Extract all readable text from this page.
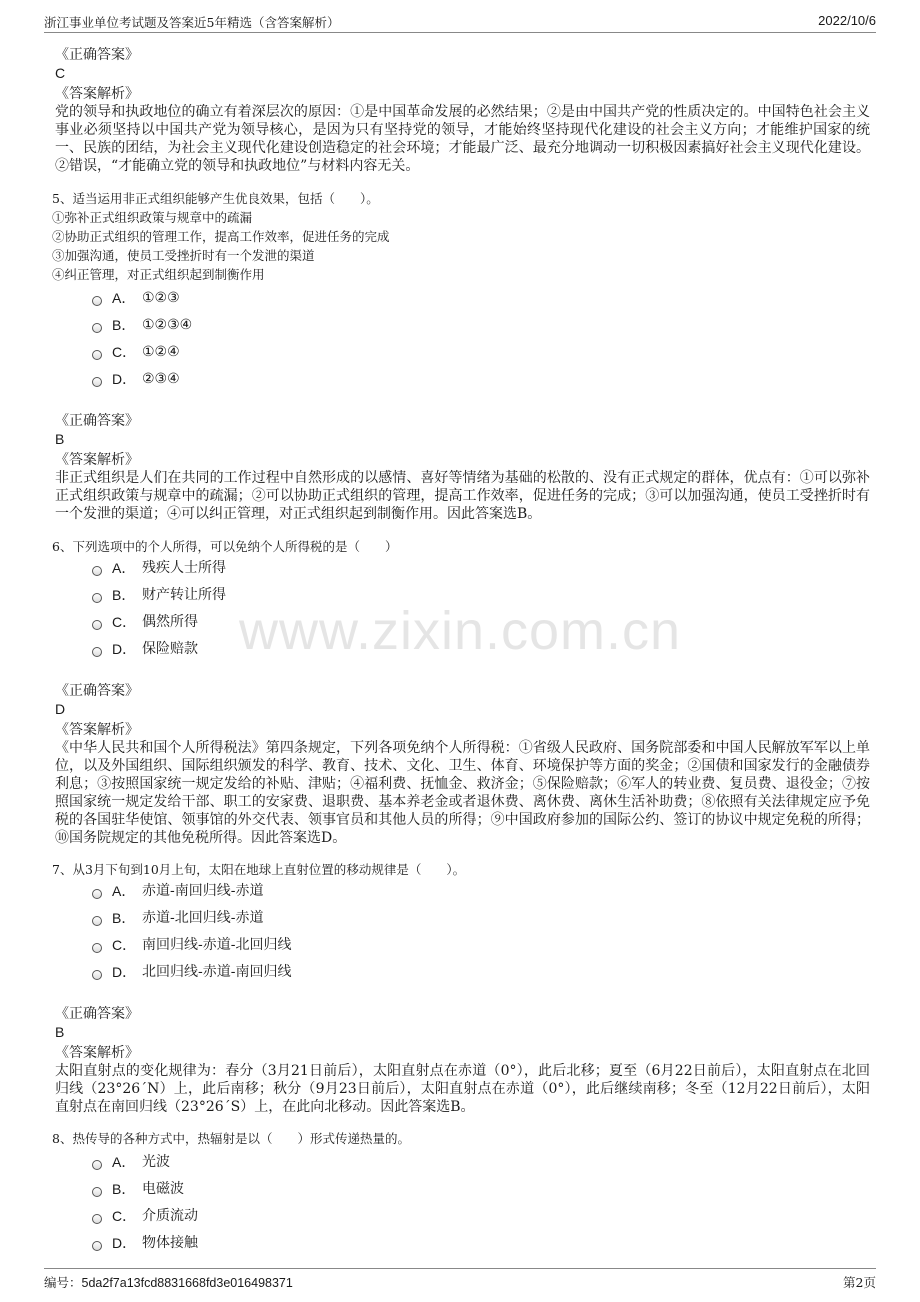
浙江事业单位考试题及答案近5年精选（含答案解析）	2022/10/6
www.zixin.com.cn

《正确答案》

C

《答案解析》

党的领导和执政地位的确立有着深层次的原因：①是中国革命发展的必然结果；②是由中国共产党的性质决定的。中国特色社会主义事业必须坚持以中国共产党为领导核心，是因为只有坚持党的领导，才能始终坚持现代化建设的社会主义方向；才能维护国家的统一、民族的团结，为社会主义现代化建设创造稳定的社会环境；才能最广泛、最充分地调动一切积极因素搞好社会主义现代化建设。②错误，“才能确立党的领导和执政地位”与材料内容无关。

5、适当运用非正式组织能够产生优良效果，包括（　　）。

①弥补正式组织政策与规章中的疏漏

②协助正式组织的管理工作，提高工作效率，促进任务的完成

③加强沟通，使员工受挫折时有一个发泄的渠道

④纠正管理，对正式组织起到制衡作用

A． ①②③
B． ①②③④
C． ①②④
D． ②③④

《正确答案》

B

《答案解析》

非正式组织是人们在共同的工作过程中自然形成的以感情、喜好等情绪为基础的松散的、没有正式规定的群体，优点有：①可以弥补正式组织政策与规章中的疏漏；②可以协助正式组织的管理，提高工作效率，促进任务的完成；③可以加强沟通，使员工受挫折时有一个发泄的渠道；④可以纠正管理，对正式组织起到制衡作用。因此答案选B。

6、下列选项中的个人所得，可以免纳个人所得税的是（　　）

A． 残疾人士所得
B． 财产转让所得
C． 偶然所得
D． 保险赔款

《正确答案》

D

《答案解析》

《中华人民共和国个人所得税法》第四条规定，下列各项免纳个人所得税：①省级人民政府、国务院部委和中国人民解放军军以上单位，以及外国组织、国际组织颁发的科学、教育、技术、文化、卫生、体育、环境保护等方面的奖金；②国债和国家发行的金融债券利息；③按照国家统一规定发给的补贴、津贴；④福利费、抚恤金、救济金；⑤保险赔款；⑥军人的转业费、复员费、退役金；⑦按照国家统一规定发给干部、职工的安家费、退职费、基本养老金或者退休费、离休费、离休生活补助费；⑧依照有关法律规定应予免税的各国驻华使馆、领事馆的外交代表、领事官员和其他人员的所得；⑨中国政府参加的国际公约、签订的协议中规定免税的所得；⑩国务院规定的其他免税所得。因此答案选D。

7、从3月下旬到10月上旬，太阳在地球上直射位置的移动规律是（　　）。

A． 赤道-南回归线-赤道
B． 赤道-北回归线-赤道
C． 南回归线-赤道-北回归线
D． 北回归线-赤道-南回归线

《正确答案》

B

《答案解析》

太阳直射点的变化规律为：春分（3月21日前后），太阳直射点在赤道（0°），此后北移；夏至（6月22日前后），太阳直射点在北回归线（23°26´N）上，此后南移；秋分（9月23日前后），太阳直射点在赤道（0°），此后继续南移；冬至（12月22日前后），太阳直射点在南回归线（23°26´S）上，在此向北移动。因此答案选B。

8、热传导的各种方式中，热辐射是以（　　）形式传递热量的。

A． 光波
B． 电磁波
C． 介质流动
D． 物体接触
编号：5da2f7a13fcd8831668fd3e016498371	第2页
